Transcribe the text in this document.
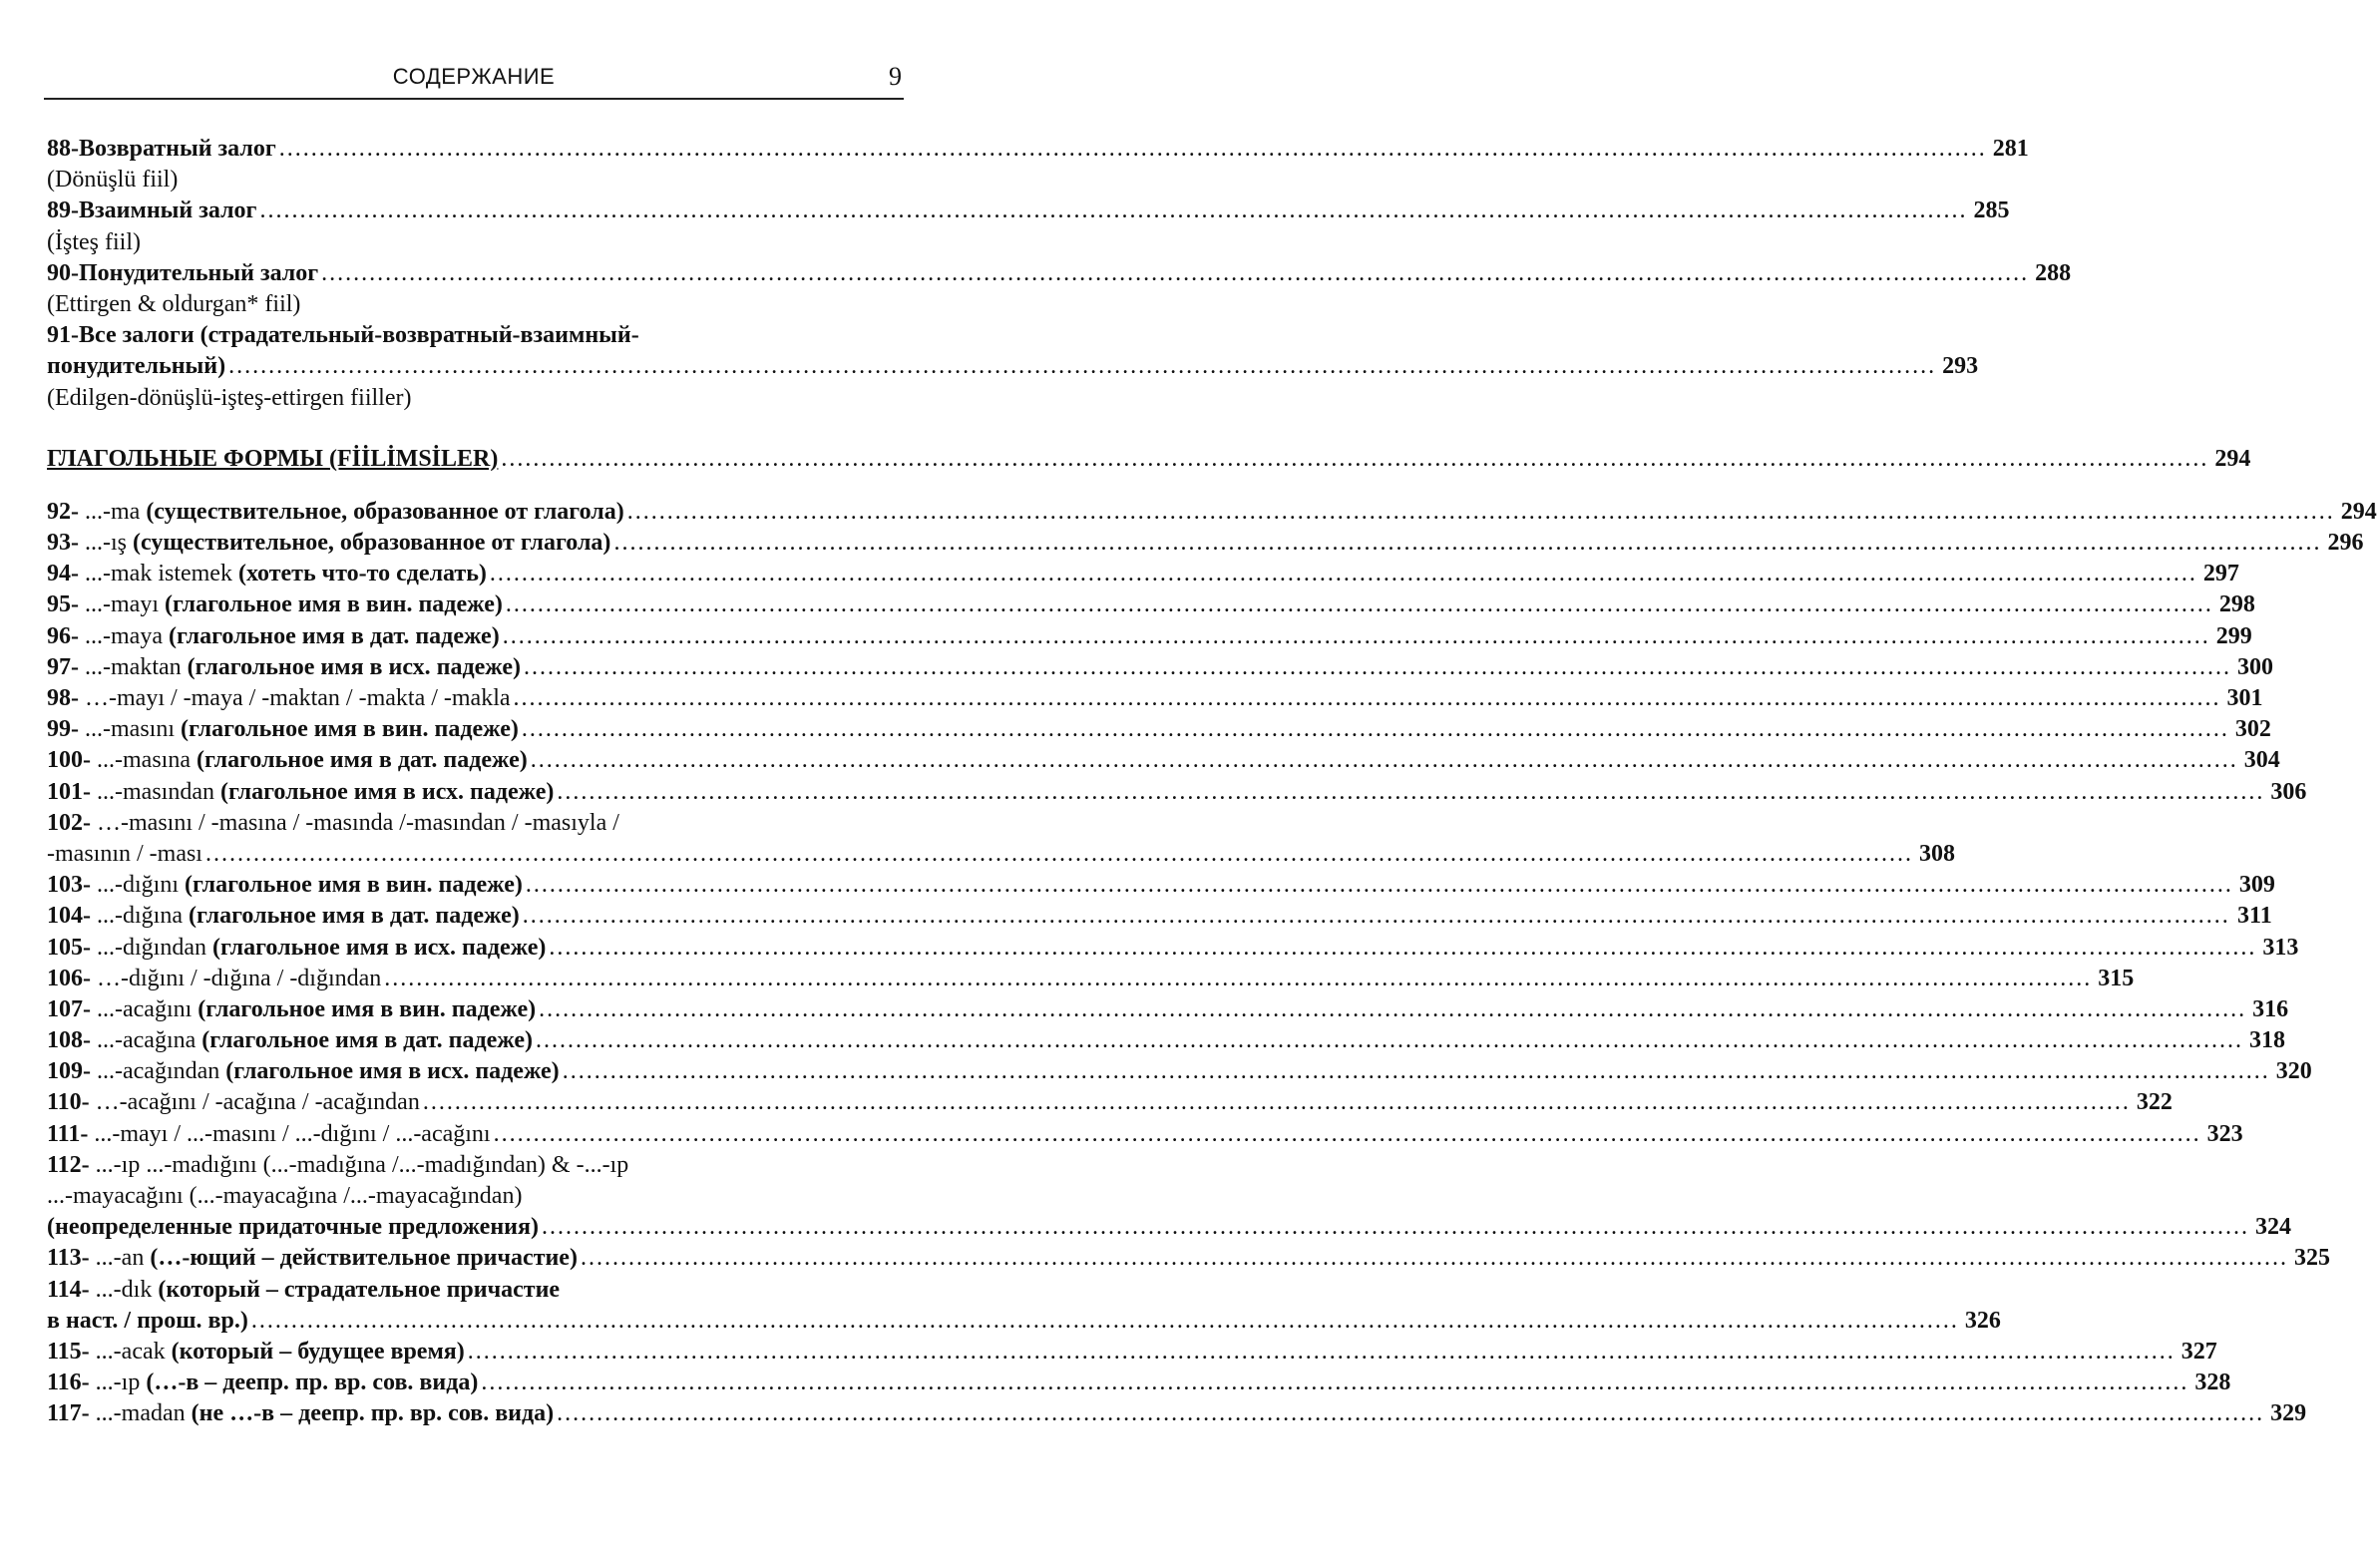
СОДЕРЖАНИЕ	9
88-Возвратный залог .....	281
(Dönüşlü fiil)
89-Взаимный залог .....	285
(İşteş fiil)
90-Понудительный залог .....	288
(Ettirgen & oldurgan* fiil)
91-Все залоги (страдательный-возвратный-взаимный-
понудительный) .....	293
(Edilgen-dönüşlü-işteş-ettirgen fiiller)
ГЛАГОЛЬНЫЕ ФОРМЫ (FİİLİMSİLER) .....	294
92- ...-ma (существительное, образованное от глагола) .....	294
93- ...-ış (существительное, образованное от глагола) .....	296
94- ...-mak istemek (хотеть что-то сделать) .....	297
95- ...-mayı (глагольное имя в вин. падеже) .....	298
96- ...-maya (глагольное имя в дат. падеже) .....	299
97- ...-maktan (глагольное имя в исх. падеже) .....	300
98- …-mayı / -maya / -maktan / -makta / -makla .....	301
99- ...-masını (глагольное имя в вин. падеже) .....	302
100- ...-masına (глагольное имя в дат. падеже) .....	304
101- ...-masından (глагольное имя в исх. падеже) .....	306
102- …-masını / -masına / -masında /-masından / -masıyla /
-masının / -ması .....	308
103- ...-dığını (глагольное имя в вин. падеже) .....	309
104- ...-dığına (глагольное имя в дат. падеже) .....	311
105- ...-dığından (глагольное имя в исх. падеже) .....	313
106- …-dığını / -dığına / -dığından .....	315
107- ...-acağını (глагольное имя в вин. падеже) .....	316
108- ...-acağına (глагольное имя в дат. падеже) .....	318
109- ...-acağından (глагольное имя в исх. падеже) .....	320
110- …-acağını / -acağına / -acağından .....	322
111- ...-mayı / ...-masını / ...-dığını / ...-acağını .....	323
112- ...-ıp ...-madığını (...-madığına /...-madığından) & -...-ıp
...-mayacağını (...-mayacağına /...-mayacağından)
(неопределенные придаточные предложения) .....	324
113- ...-an (…-ющий – действительное причастие) .....	325
114- ...-dık (который – страдательное причастие
в наст. / прош. вр.) .....	326
115- ...-acak (который – будущее время) .....	327
116- ...-ıp (…-в – деепр. пр. вр. сов. вида) .....	328
117- ...-madan (не …-в – деепр. пр. вр. сов. вида) .....	329
